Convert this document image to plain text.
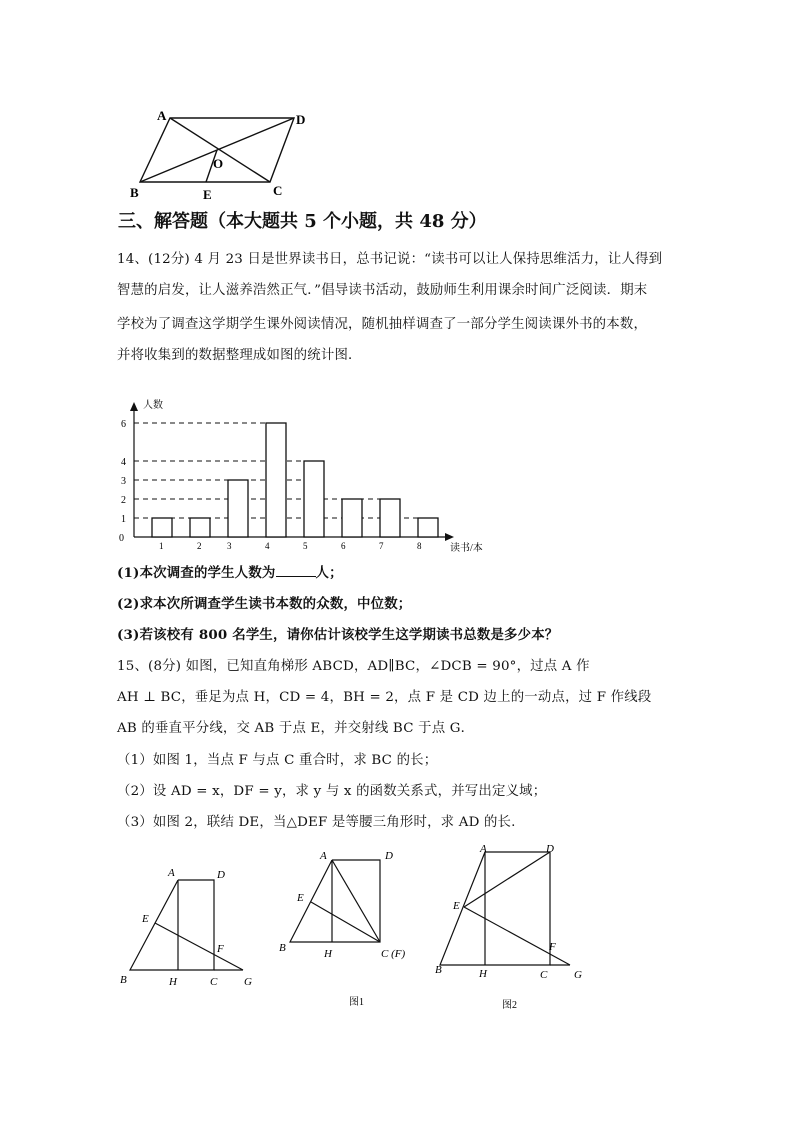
A	D
O
B	E	C
三、解答题（本大题共 5 个小题，共 48 分）
14、(12分) 4 月 23 日是世界读书日，总书记说：“读书可以让人保持思维活力，让人得到
智慧的启发，让人滋养浩然正气．”倡导读书活动，鼓励师生利用课余时间广泛阅读．期末
学校为了调查这学期学生课外阅读情况，随机抽样调查了一部分学生阅读课外书的本数，
并将收集到的数据整理成如图的统计图．
人数
读书/本
0
1
2
3
4
6
1	2	3	4	5	6	7	8
(1)本次调查的学生人数为	人；
(2)求本次所调查学生读书本数的众数，中位数；
(3)若该校有 800 名学生，请你估计该校学生这学期读书总数是多少本？
15、(8分) 如图，已知直角梯形 ABCD，AD∥BC，∠DCB = 90°，过点 A 作
AH ⊥ BC，垂足为点 H，CD = 4，BH = 2，点 F 是 CD 边上的一动点，过 F 作线段
AB 的垂直平分线，交 AB 于点 E，并交射线 BC 于点 G．
（1）如图 1，当点 F 与点 C 重合时，求 BC 的长；
（2）设 AD = x，DF = y，求 y 与 x 的函数关系式，并写出定义域；
（3）如图 2，联结 DE，当△DEF 是等腰三角形时，求 AD 的长.
A	D
E
F
B	H	C G
A	D
E
B	H	C (F)
图1
A	D
E
F
B	H	C G
图2
